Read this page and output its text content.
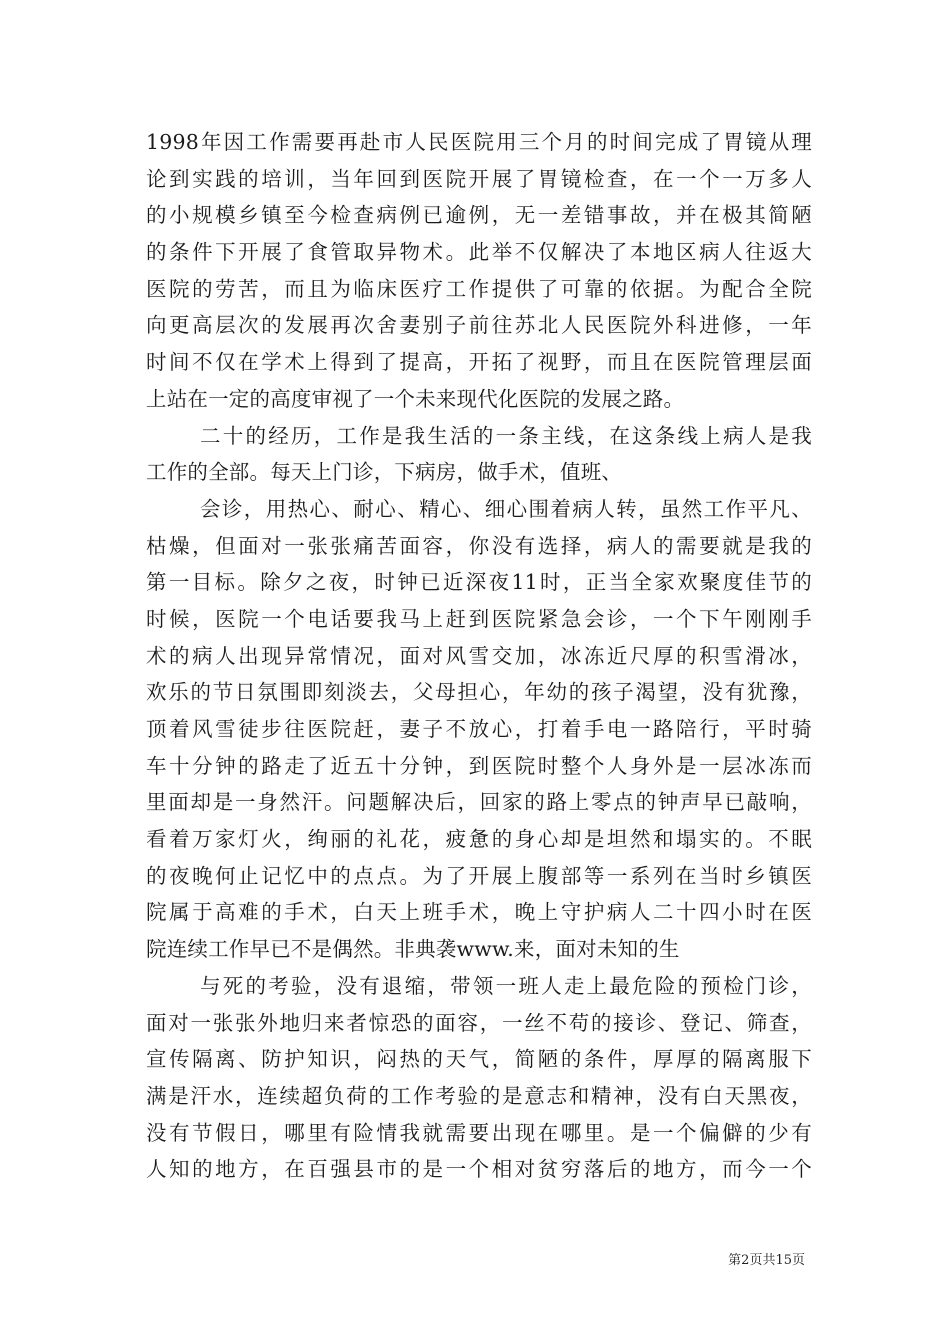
1998年因工作需要再赴市人民医院用三个月的时间完成了胃镜从理
论到实践的培训，当年回到医院开展了胃镜检查，在一个一万多人
的小规模乡镇至今检查病例已逾例，无一差错事故，并在极其简陋
的条件下开展了食管取异物术。此举不仅解决了本地区病人往返大
医院的劳苦，而且为临床医疗工作提供了可靠的依据。为配合全院
向更高层次的发展再次舍妻别子前往苏北人民医院外科进修，一年
时间不仅在学术上得到了提高，开拓了视野，而且在医院管理层面
上站在一定的高度审视了一个未来现代化医院的发展之路。
二十的经历，工作是我生活的一条主线，在这条线上病人是我
工作的全部。每天上门诊，下病房，做手术，值班、
会诊，用热心、耐心、精心、细心围着病人转，虽然工作平凡、
枯燥，但面对一张张痛苦面容，你没有选择，病人的需要就是我的
第一目标。除夕之夜，时钟已近深夜11时，正当全家欢聚度佳节的
时候，医院一个电话要我马上赶到医院紧急会诊，一个下午刚刚手
术的病人出现异常情况，面对风雪交加，冰冻近尺厚的积雪滑冰，
欢乐的节日氛围即刻淡去，父母担心，年幼的孩子渴望，没有犹豫，
顶着风雪徒步往医院赶，妻子不放心，打着手电一路陪行，平时骑
车十分钟的路走了近五十分钟，到医院时整个人身外是一层冰冻而
里面却是一身然汗。问题解决后，回家的路上零点的钟声早已敲响，
看着万家灯火，绚丽的礼花，疲惫的身心却是坦然和塌实的。不眠
的夜晚何止记忆中的点点。为了开展上腹部等一系列在当时乡镇医
院属于高难的手术，白天上班手术，晚上守护病人二十四小时在医
院连续工作早已不是偶然。非典袭www.来，面对未知的生
与死的考验，没有退缩，带领一班人走上最危险的预检门诊，
面对一张张外地归来者惊恐的面容，一丝不苟的接诊、登记、筛查，
宣传隔离、防护知识，闷热的天气，简陋的条件，厚厚的隔离服下
满是汗水，连续超负荷的工作考验的是意志和精神，没有白天黑夜，
没有节假日，哪里有险情我就需要出现在哪里。是一个偏僻的少有
人知的地方，在百强县市的是一个相对贫穷落后的地方，而今一个
第2页共15页
